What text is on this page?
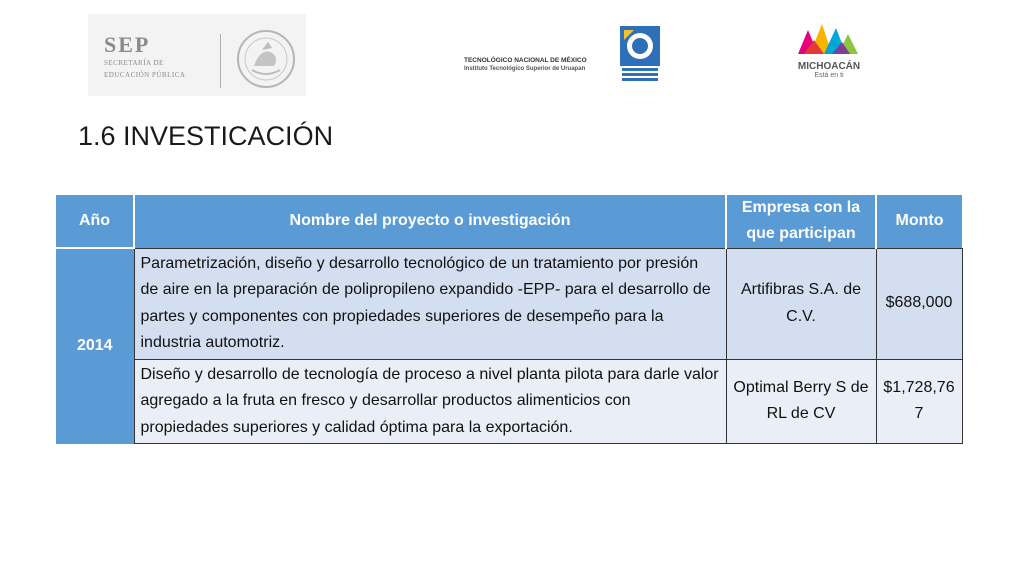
SEP
SECRETARÍA DE
EDUCACIÓN PÚBLICA
TECNOLÓGICO NACIONAL DE MÉXICO
Instituto Tecnológico Superior de Uruapan	MICHOACÁN
Está en ti
1.6 INVESTICACIÓN
Año	Nombre del proyecto o investigación	Empresa con la que participan	Monto
2014	Parametrización, diseño y desarrollo tecnológico de un tratamiento por presión de aire en la preparación de polipropileno expandido -EPP- para el desarrollo de partes y componentes con propiedades superiores de desempeño para la industria automotriz.	Artifibras S.A. de C.V.	$688,000
	Diseño y desarrollo de tecnología de proceso a nivel planta pilota para darle valor agregado a la fruta en fresco y desarrollar productos alimenticios con propiedades superiores y calidad óptima para la exportación.	Optimal Berry S de RL de CV	$1,728,767
